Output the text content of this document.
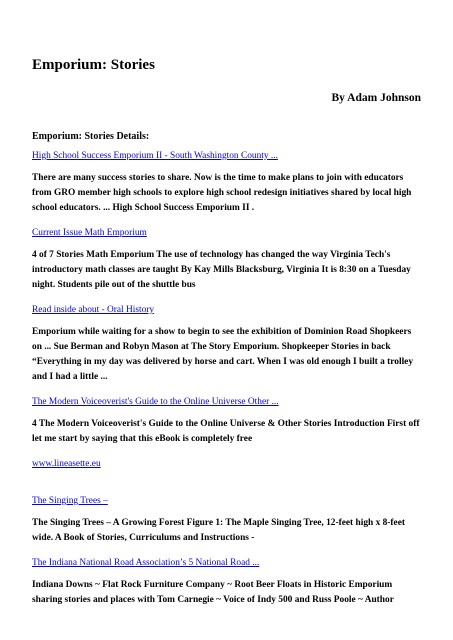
Emporium: Stories
By Adam Johnson
Emporium: Stories Details:
High School Success Emporium II - South Washington County ...

There are many success stories to share. Now is the time to make plans to join with educators from GRO member high schools to explore high school redesign initiatives shared by local high school educators. ... High School Success Emporium II .

Current Issue Math Emporium

4 of 7 Stories Math Emporium The use of technology has changed the way Virginia Tech's introductory math classes are taught By Kay Mills Blacksburg, Virginia It is 8:30 on a Tuesday night. Students pile out of the shuttle bus

Read inside about - Oral History

Emporium while waiting for a show to begin to see the exhibition of Dominion Road Shopkeers on ... Sue Berman and Robyn Mason at The Story Emporium. Shopkeeper Stories in back “Everything in my day was delivered by horse and cart. When I was old enough I built a trolley and I had a little ...

The Modern Voiceoverist's Guide to the Online Universe Other ...

4 The Modern Voiceoverist's Guide to the Online Universe & Other Stories Introduction First off let me start by saying that this eBook is completely free

www.lineasette.eu
The Singing Trees –

The Singing Trees – A Growing Forest Figure 1: The Maple Singing Tree, 12-feet high x 8-feet wide. A Book of Stories, Curriculums and Instructions -

The Indiana National Road Association’s 5 National Road ...

Indiana Downs ~ Flat Rock Furniture Company ~ Root Beer Floats in Historic Emporium sharing stories and places with Tom Carnegie ~ Voice of Indy 500 and Russ Poole ~ Author
